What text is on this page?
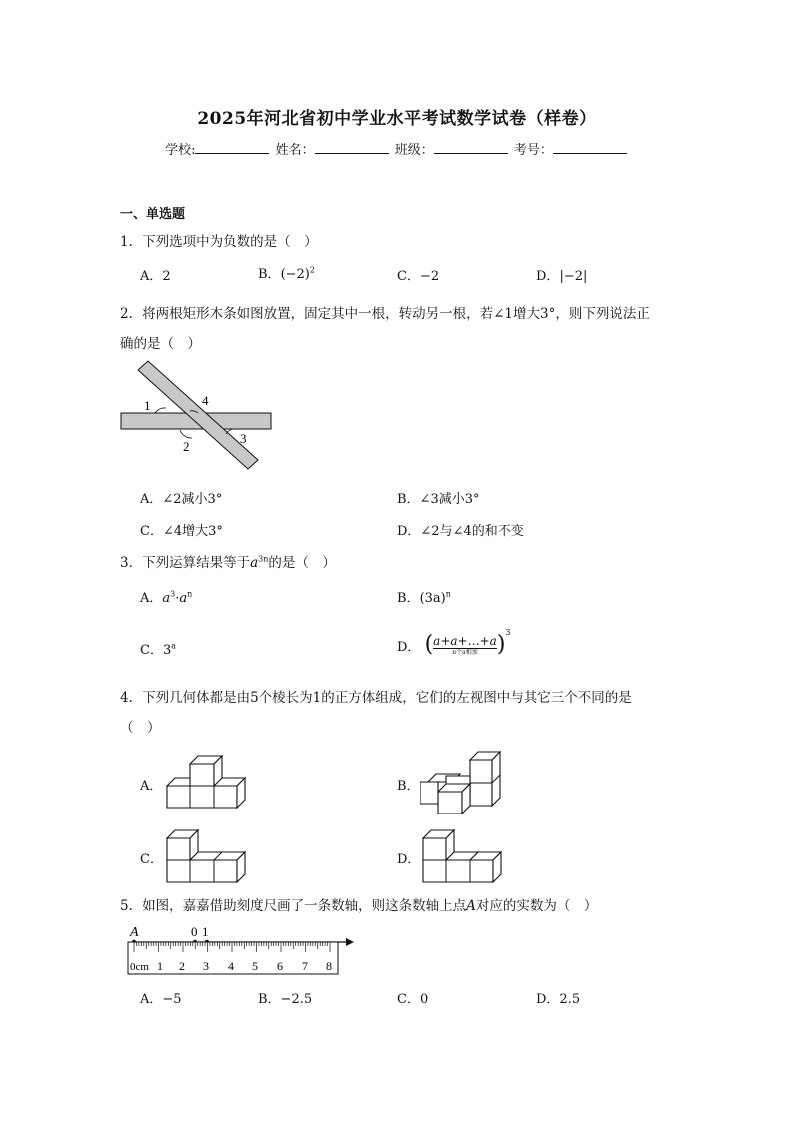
2025年河北省初中学业水平考试数学试卷（样卷）
学校:	姓名：	班级：	考号：
一、单选题
1．下列选项中为负数的是（　）
A．2	B．$(-2)^2$	C．−2	D．|−2|
2．将两根矩形木条如图放置，固定其中一根，转动另一根，若∠1增大3°，则下列说法正
确的是（　）
1	4
2
3
A．∠2减小3°	B．∠3减小3°
C．∠4增大3°	D．∠2与∠4的和不变
3．下列运算结果等于$a^{3n}$的是（　）
A．$a^3\cdot a^n$	B．$(3a)^n$
C．3$^a$	D． (a+a+…+a
n个a相加 )$^3$
4．下列几何体都是由5个棱长为1的正方体组成，它们的左视图中与其它三个不同的是
（　）
A．	B．
C．	D．
5．如图，嘉嘉借助刻度尺画了一条数轴，则这条数轴上点A对应的实数为（　）
A	0 1
0cm 1 2 3 4 5 6 7 8
A．−5	B．−2.5	C．0	D．2.5
